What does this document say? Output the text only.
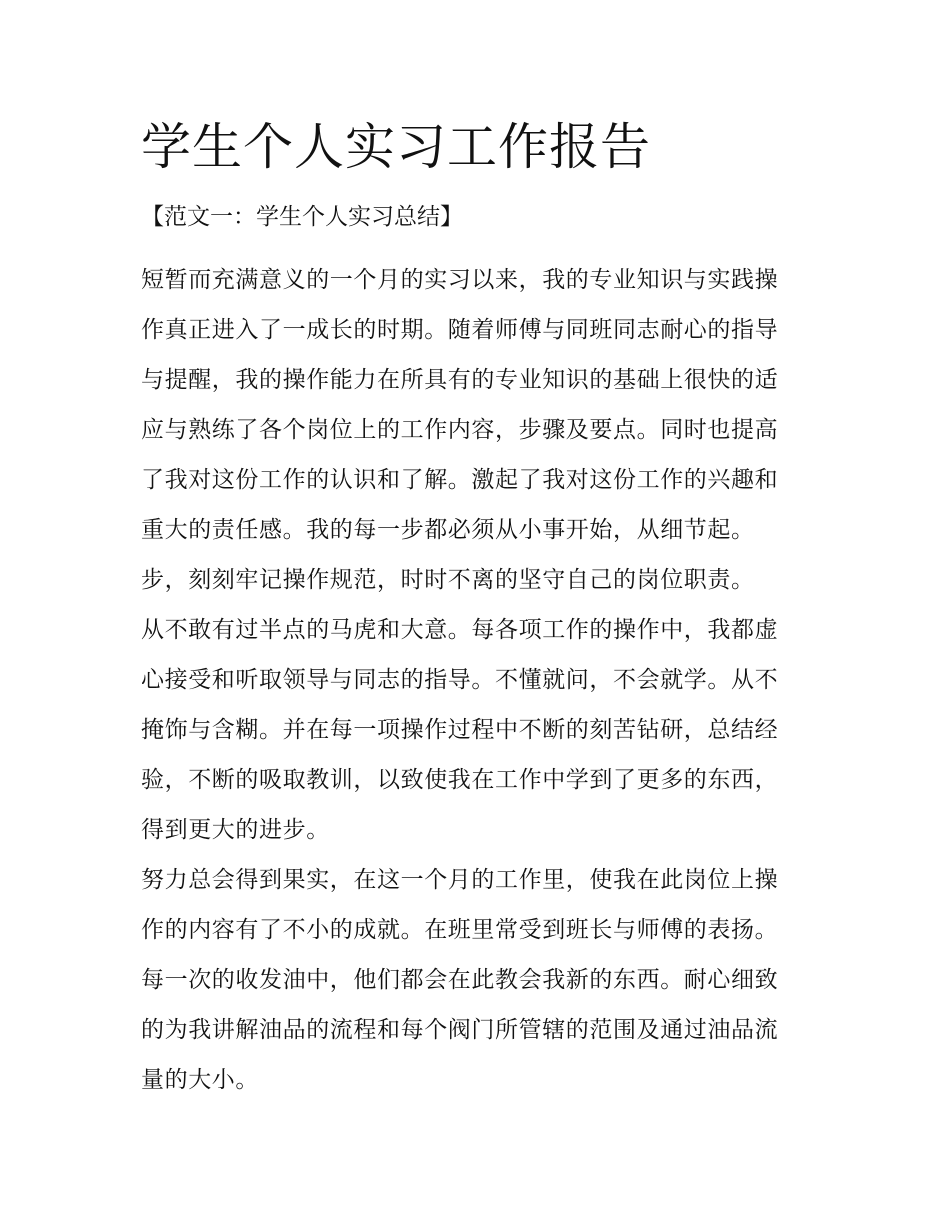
学生个人实习工作报告
【范文一：学生个人实习总结】
短暂而充满意义的一个月的实习以来，我的专业知识与实践操
作真正进入了一成长的时期。随着师傅与同班同志耐心的指导
与提醒，我的操作能力在所具有的专业知识的基础上很快的适
应与熟练了各个岗位上的工作内容，步骤及要点。同时也提高
了我对这份工作的认识和了解。激起了我对这份工作的兴趣和
重大的责任感。我的每一步都必须从小事开始，从细节起。
步，刻刻牢记操作规范，时时不离的坚守自己的岗位职责。
从不敢有过半点的马虎和大意。每各项工作的操作中，我都虚
心接受和听取领导与同志的指导。不懂就问，不会就学。从不
掩饰与含糊。并在每一项操作过程中不断的刻苦钻研，总结经
验，不断的吸取教训，以致使我在工作中学到了更多的东西，
得到更大的进步。
努力总会得到果实，在这一个月的工作里，使我在此岗位上操
作的内容有了不小的成就。在班里常受到班长与师傅的表扬。
每一次的收发油中，他们都会在此教会我新的东西。耐心细致
的为我讲解油品的流程和每个阀门所管辖的范围及通过油品流
量的大小。
